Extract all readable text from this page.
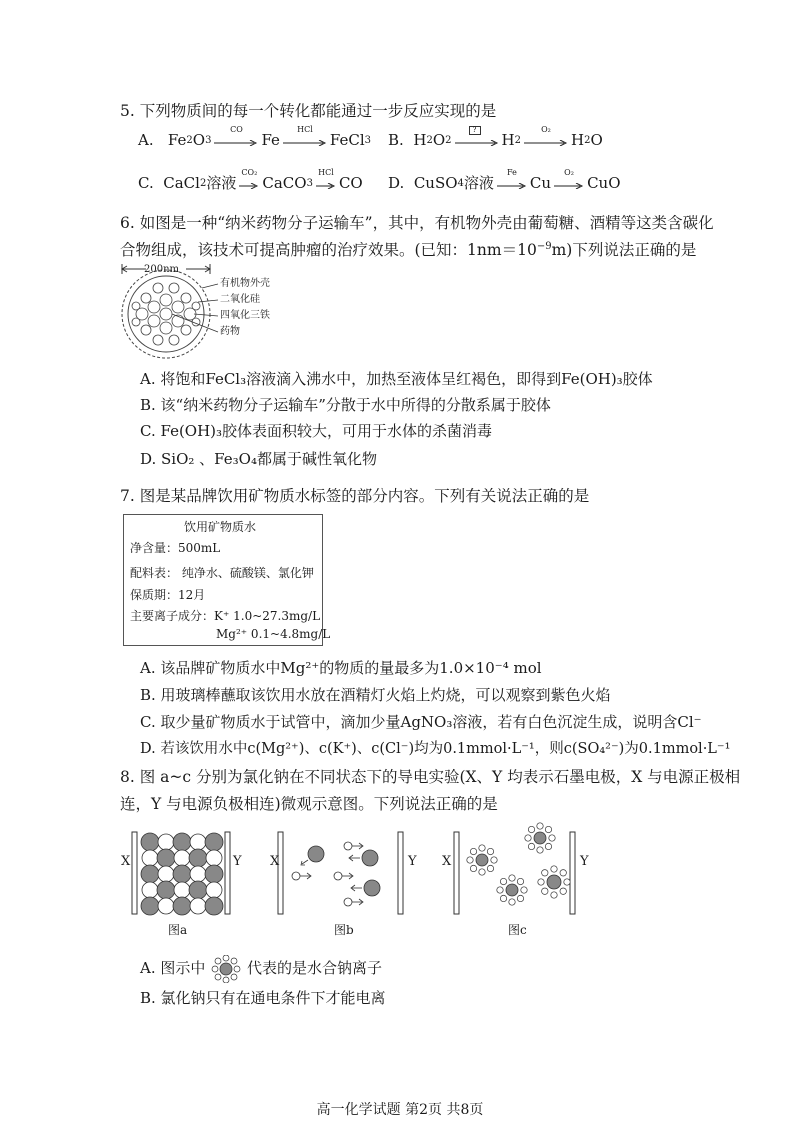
5. 下列物质间的每一个转化都能通过一步反应实现的是
A.
Fe 2 O 3
CO
Fe
HCl
FeCl 3 B.
H 2 O 2
?
H 2
O₂
H 2 O
C.
CaCl 2 溶液
CO₂
CaCO 3
HCl
CO D.
CuSO 4 溶液
Fe
Cu
O₂
CuO
6. 如图是一种“纳米药物分子运输车”，其中，有机物外壳由葡萄糖、酒精等这类含碳化
合物组成，该技术可提高肿瘤的治疗效果。(已知：$1nm=10^{-9}m$)下列说法正确的是
200nm
有机物外壳
二氧化硅
四氧化三铁
药物
A. 将饱和FeCl₃溶液滴入沸水中，加热至液体呈红褐色，即得到Fe(OH)₃胶体
B. 该“纳米药物分子运输车”分散于水中所得的分散系属于胶体
C. Fe(OH)₃胶体表面积较大，可用于水体的杀菌消毒
D. SiO₂ 、Fe₃O₄都属于碱性氧化物
7. 图是某品牌饮用矿物质水标签的部分内容。下列有关说法正确的是
饮用矿物质水
净含量：500mL
配料表： 纯净水、硫酸镁、氯化钾
保质期：12月
主要离子成分：K⁺ 1.0~27.3mg/L
Mg²⁺ 0.1~4.8mg/L
A. 该品牌矿物质水中Mg²⁺的物质的量最多为1.0×10⁻⁴ mol
B. 用玻璃棒蘸取该饮用水放在酒精灯火焰上灼烧，可以观察到紫色火焰
C. 取少量矿物质水于试管中，滴加少量AgNO₃溶液，若有白色沉淀生成，说明含Cl⁻
D. 若该饮用水中c(Mg²⁺)、c(K⁺)、c(Cl⁻)均为0.1mmol·L⁻¹，则c(SO₄²⁻)为0.1mmol·L⁻¹
8. 图 a~c 分别为氯化钠在不同状态下的导电实验(X、Y 均表示石墨电极，X 与电源正极相
连，Y 与电源负极相连)微观示意图。下列说法正确的是
X	Y
图a
X	Y
图b
X	Y
图c
A. 图示中	代表的是水合钠离子
B. 氯化钠只有在通电条件下才能电离
高一化学试题 第2页 共8页
